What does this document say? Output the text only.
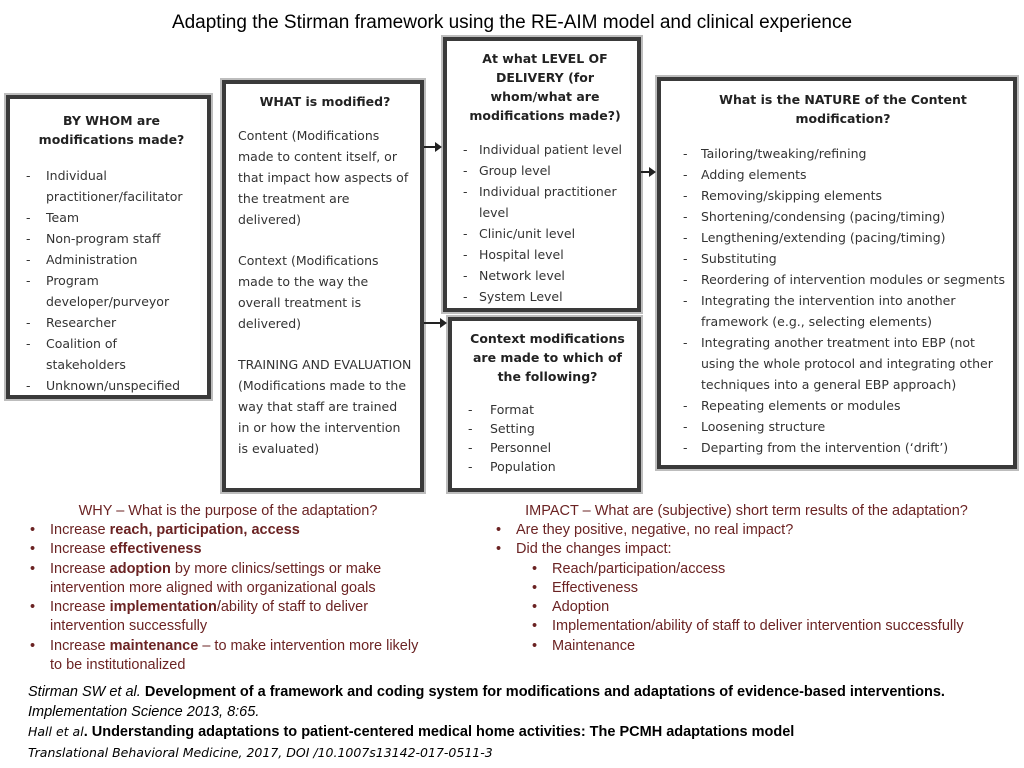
Adapting the Stirman framework using the RE-AIM model and clinical experience
BY WHOM are modifications made?
- Individual practitioner/facilitator
- Team
- Non-program staff
- Administration
- Program developer/purveyor
- Researcher
- Coalition of stakeholders
- Unknown/unspecified
WHAT is modified?
Content (Modifications made to content itself, or that impact how aspects of the treatment are delivered)
Context (Modifications made to the way the overall treatment is delivered)
TRAINING AND EVALUATION (Modifications made to the way that staff are trained in or how the intervention is evaluated)
At what LEVEL OF DELIVERY (for whom/what are modifications made?)
- Individual patient level
- Group level
- Individual practitioner level
- Clinic/unit level
- Hospital level
- Network level
- System Level
Context modifications are made to which of the following?
- Format
- Setting
- Personnel
- Population
What is the NATURE of the Content modification?
- Tailoring/tweaking/refining
- Adding elements
- Removing/skipping elements
- Shortening/condensing (pacing/timing)
- Lengthening/extending (pacing/timing)
- Substituting
- Reordering of intervention modules or segments
- Integrating the intervention into another framework (e.g., selecting elements)
- Integrating another treatment into EBP (not using the whole protocol and integrating other techniques into a general EBP approach)
- Repeating elements or modules
- Loosening structure
- Departing from the intervention (‘drift’)
WHY – What is the purpose of the adaptation?
• Increase reach, participation, access
• Increase effectiveness
• Increase adoption by more clinics/settings or make intervention more aligned with organizational goals
• Increase implementation/ability of staff to deliver intervention successfully
• Increase maintenance – to make intervention more likely to be institutionalized
IMPACT – What are (subjective) short term results of the adaptation?
• Are they positive, negative, no real impact?
• Did the changes impact:
• Reach/participation/access
• Effectiveness
• Adoption
• Implementation/ability of staff to deliver intervention successfully
• Maintenance
Stirman SW et al. Development of a framework and coding system for modifications and adaptations of evidence-based interventions. Implementation Science 2013, 8:65.
Hall et al. Understanding adaptations to patient-centered medical home activities: The PCMH adaptations model
Translational Behavioral Medicine, 2017, DOI /10.1007s13142-017-0511-3
